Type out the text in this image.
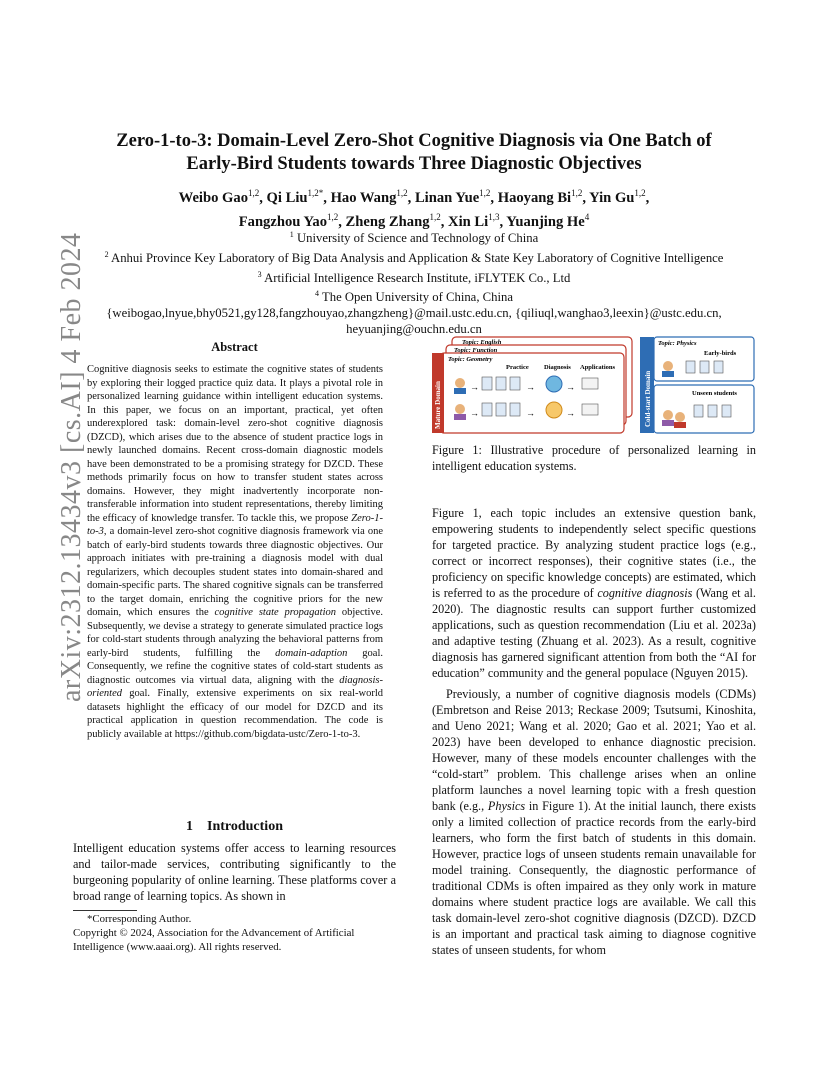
arXiv:2312.13434v3 [cs.AI] 4 Feb 2024
Zero-1-to-3: Domain-Level Zero-Shot Cognitive Diagnosis via One Batch of
Early-Bird Students towards Three Diagnostic Objectives
Weibo Gao$^{1,2}$, Qi Liu$^{1,2*}$, Hao Wang$^{1,2}$, Linan Yue$^{1,2}$, Haoyang Bi$^{1,2}$, Yin Gu$^{1,2}$,
Fangzhou Yao$^{1,2}$, Zheng Zhang$^{1,2}$, Xin Li$^{1,3}$, Yuanjing He$^4$
$^1$ University of Science and Technology of China
$^2$ Anhui Province Key Laboratory of Big Data Analysis and Application & State Key Laboratory of Cognitive Intelligence
$^3$ Artificial Intelligence Research Institute, iFLYTEK Co., Ltd
$^4$ The Open University of China, China
{weibogao,lnyue,bhy0521,gy128,fangzhouyao,zhangzheng}@mail.ustc.edu.cn, {qiliuql,wanghao3,leexin}@ustc.edu.cn,
heyuanjing@ouchn.edu.cn
Abstract
Cognitive diagnosis seeks to estimate the cognitive states of students by exploring their logged practice quiz data. It plays a pivotal role in personalized learning guidance within intelligent education systems. In this paper, we focus on an important, practical, yet often underexplored task: domain-level zero-shot cognitive diagnosis (DZCD), which arises due to the absence of student practice logs in newly launched domains. Recent cross-domain diagnostic models have been demonstrated to be a promising strategy for DZCD. These methods primarily focus on how to transfer student states across domains. However, they might inadvertently incorporate non-transferable information into student representations, thereby limiting the efficacy of knowledge transfer. To tackle this, we propose Zero-1-to-3, a domain-level zero-shot cognitive diagnosis framework via one batch of early-bird students towards three diagnostic objectives. Our approach initiates with pre-training a diagnosis model with dual regularizers, which decouples student states into domain-shared and domain-specific parts. The shared cognitive signals can be transferred to the target domain, enriching the cognitive priors for the new domain, which ensures the cognitive state propagation objective. Subsequently, we devise a strategy to generate simulated practice logs for cold-start students through analyzing the behavioral patterns from early-bird students, fulfilling the domain-adaption goal. Consequently, we refine the cognitive states of cold-start students as diagnostic outcomes via virtual data, aligning with the diagnosis-oriented goal. Finally, extensive experiments on six real-world datasets highlight the efficacy of our model for DZCD and its practical application in question recommendation. The code is publicly available at https://github.com/bigdata-ustc/Zero-1-to-3.
1 Introduction
Intelligent education systems offer access to learning resources and tailor-made services, contributing significantly to the burgeoning popularity of online learning. These platforms cover a broad range of learning topics. As shown in
*Corresponding Author.
Copyright © 2024, Association for the Advancement of Artificial Intelligence (www.aaai.org). All rights reserved.
Mature Domain
Topic: English
Topic: Function
Topic: Geometry
Practice Diagnosis Applications
→	→	→
→	→	→	Cold-start Domain
Topic: Physics
Early-birds
Unseen students
Figure 1: Illustrative procedure of personalized learning in intelligent education systems.

Figure 1, each topic includes an extensive question bank, empowering students to independently select specific questions for targeted practice. By analyzing student practice logs (e.g., correct or incorrect responses), their cognitive states (i.e., the proficiency on specific knowledge concepts) are estimated, which is referred to as the procedure of cognitive diagnosis (Wang et al. 2020). The diagnostic results can support further customized applications, such as question recommendation (Liu et al. 2023a) and adaptive testing (Zhuang et al. 2023). As a result, cognitive diagnosis has garnered significant attention from both the “AI for education” community and the general populace (Nguyen 2015).

Previously, a number of cognitive diagnosis models (CDMs) (Embretson and Reise 2013; Reckase 2009; Tsutsumi, Kinoshita, and Ueno 2021; Wang et al. 2020; Gao et al. 2021; Yao et al. 2023) have been developed to enhance diagnostic precision. However, many of these models encounter challenges with the “cold-start” problem. This challenge arises when an online platform launches a novel learning topic with a fresh question bank (e.g., Physics in Figure 1). At the initial launch, there exists only a limited collection of practice records from the early-bird learners, who form the first batch of students in this domain. However, practice logs of unseen students remain unavailable for model training. Consequently, the diagnostic performance of traditional CDMs is often impaired as they only work in mature domains where student practice logs are available. We call this task domain-level zero-shot cognitive diagnosis (DZCD). DZCD is an important and practical task aiming to diagnose cognitive states of unseen students, for whom
